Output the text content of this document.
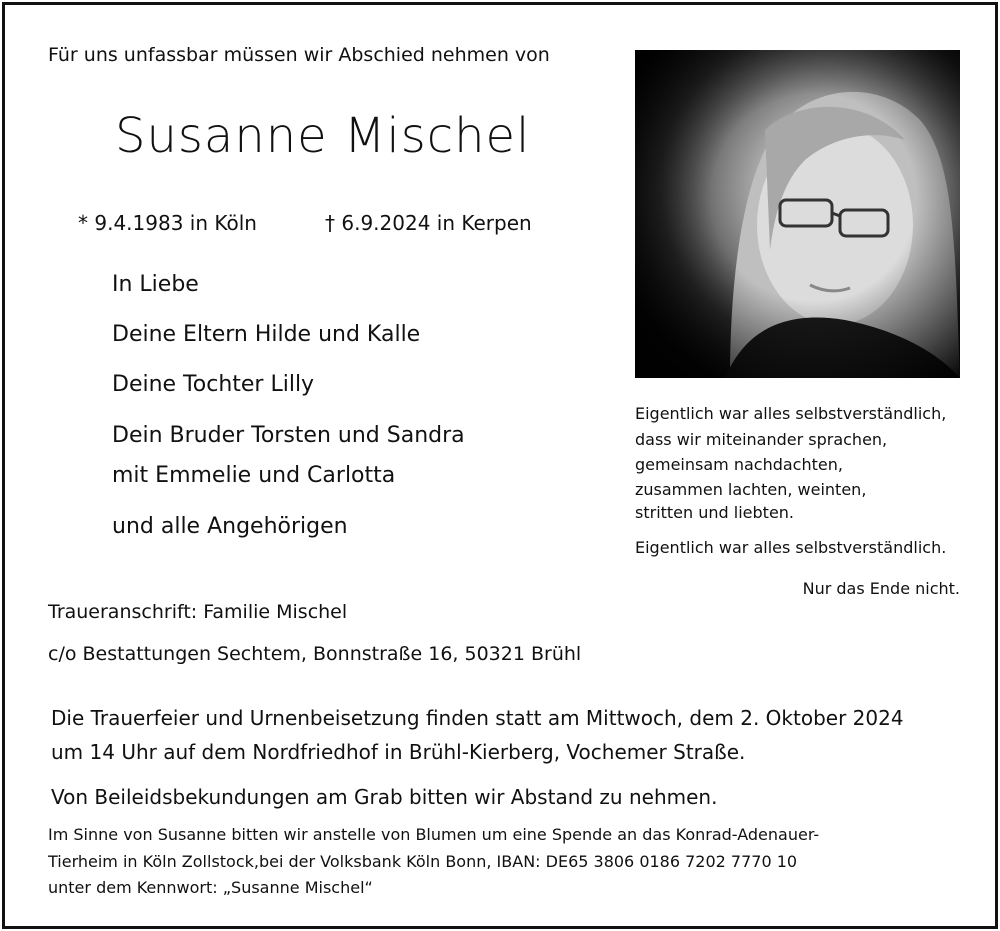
Für uns unfassbar müssen wir Abschied nehmen von
Susanne Mischel
* 9.4.1983 in Köln	† 6.9.2024 in Kerpen
In Liebe
Deine Eltern Hilde und Kalle
Deine Tochter Lilly
Dein Bruder Torsten und Sandra
mit Emmelie und Carlotta
und alle Angehörigen
Eigentlich war alles selbstverständlich,
dass wir miteinander sprachen,
gemeinsam nachdachten,
zusammen lachten, weinten,
stritten und liebten.
Eigentlich war alles selbstverständlich.
Nur das Ende nicht.
Traueranschrift: Familie Mischel
c/o Bestattungen Sechtem, Bonnstraße 16, 50321 Brühl
Die Trauerfeier und Urnenbeisetzung finden statt am Mittwoch, dem 2. Oktober 2024
um 14 Uhr auf dem Nordfriedhof in Brühl-Kierberg, Vochemer Straße.
Von Beileidsbekundungen am Grab bitten wir Abstand zu nehmen.
Im Sinne von Susanne bitten wir anstelle von Blumen um eine Spende an das Konrad-Adenauer-
Tierheim in Köln Zollstock,bei der Volksbank Köln Bonn, IBAN: DE65 3806 0186 7202 7770 10
unter dem Kennwort: „Susanne Mischel“
